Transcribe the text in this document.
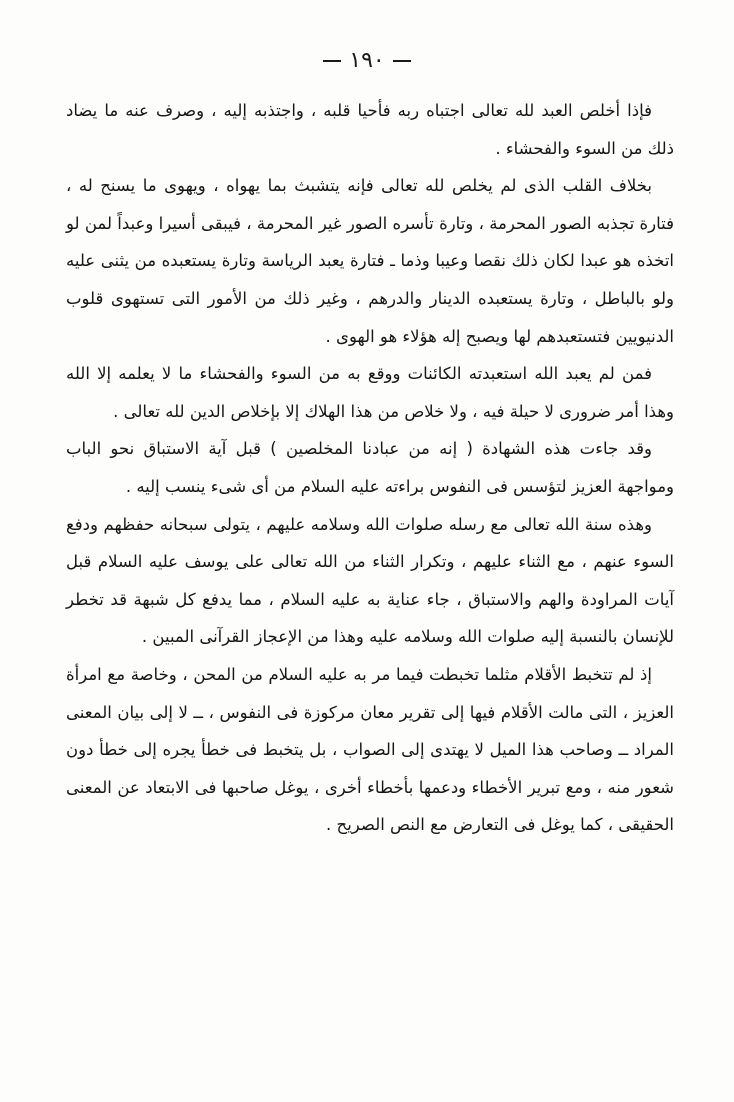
١٩٠

فإذا أخلص العبد لله تعالى اجتباه ربه فأحيا قلبه ، واجتذبه إليه ، وصرف عنه ما يضاد ذلك من السوء والفحشاء .

بخلاف القلب الذى لم يخلص لله تعالى فإنه يتشبث بما يهواه ، ويهوى ما يسنح له ، فتارة تجذبه الصور المحرمة ، وتارة تأسره الصور غير المحرمة ، فيبقى أسيرا وعبداً لمن لو اتخذه هو عبدا لكان ذلك نقصا وعيبا وذما ـ فتارة يعبد الرياسة وتارة يستعبده من يثنى عليه ولو بالباطل ، وتارة يستعبده الدينار والدرهم ، وغير ذلك من الأمور التى تستهوى قلوب الدنيويين فتستعبدهم لها ويصبح إله هؤلاء هو الهوى .

فمن لم يعبد الله استعبدته الكائنات ووقع به من السوء والفحشاء ما لا يعلمه إلا الله وهذا أمر ضرورى لا حيلة فيه ، ولا خلاص من هذا الهلاك إلا بإخلاص الدين لله تعالى .

وقد جاءت هذه الشهادة ( إنه من عبادنا المخلصين ) قبل آية الاستباق نحو الباب ومواجهة العزيز لتؤسس فى النفوس براءته عليه السلام من أى شىء ينسب إليه .

وهذه سنة الله تعالى مع رسله صلوات الله وسلامه عليهم ، يتولى سبحانه حفظهم ودفع السوء عنهم ، مع الثناء عليهم ، وتكرار الثناء من الله تعالى على يوسف عليه السلام قبل آيات المراودة والهم والاستباق ، جاء عناية به عليه السلام ، مما يدفع كل شبهة قد تخطر للإنسان بالنسبة إليه صلوات الله وسلامه عليه وهذا من الإعجاز القرآنى المبين .

إذ لم تتخبط الأقلام مثلما تخبطت فيما مر به عليه السلام من المحن ، وخاصة مع امرأة العزيز ، التى مالت الأقلام فيها إلى تقرير معان مركوزة فى النفوس ، ــ لا إلى بيان المعنى المراد ــ وصاحب هذا الميل لا يهتدى إلى الصواب ، بل يتخبط فى خطأ يجره إلى خطأ دون شعور منه ، ومع تبرير الأخطاء ودعمها بأخطاء أخرى ، يوغل صاحبها فى الابتعاد عن المعنى الحقيقى ، كما يوغل فى التعارض مع النص الصريح .
